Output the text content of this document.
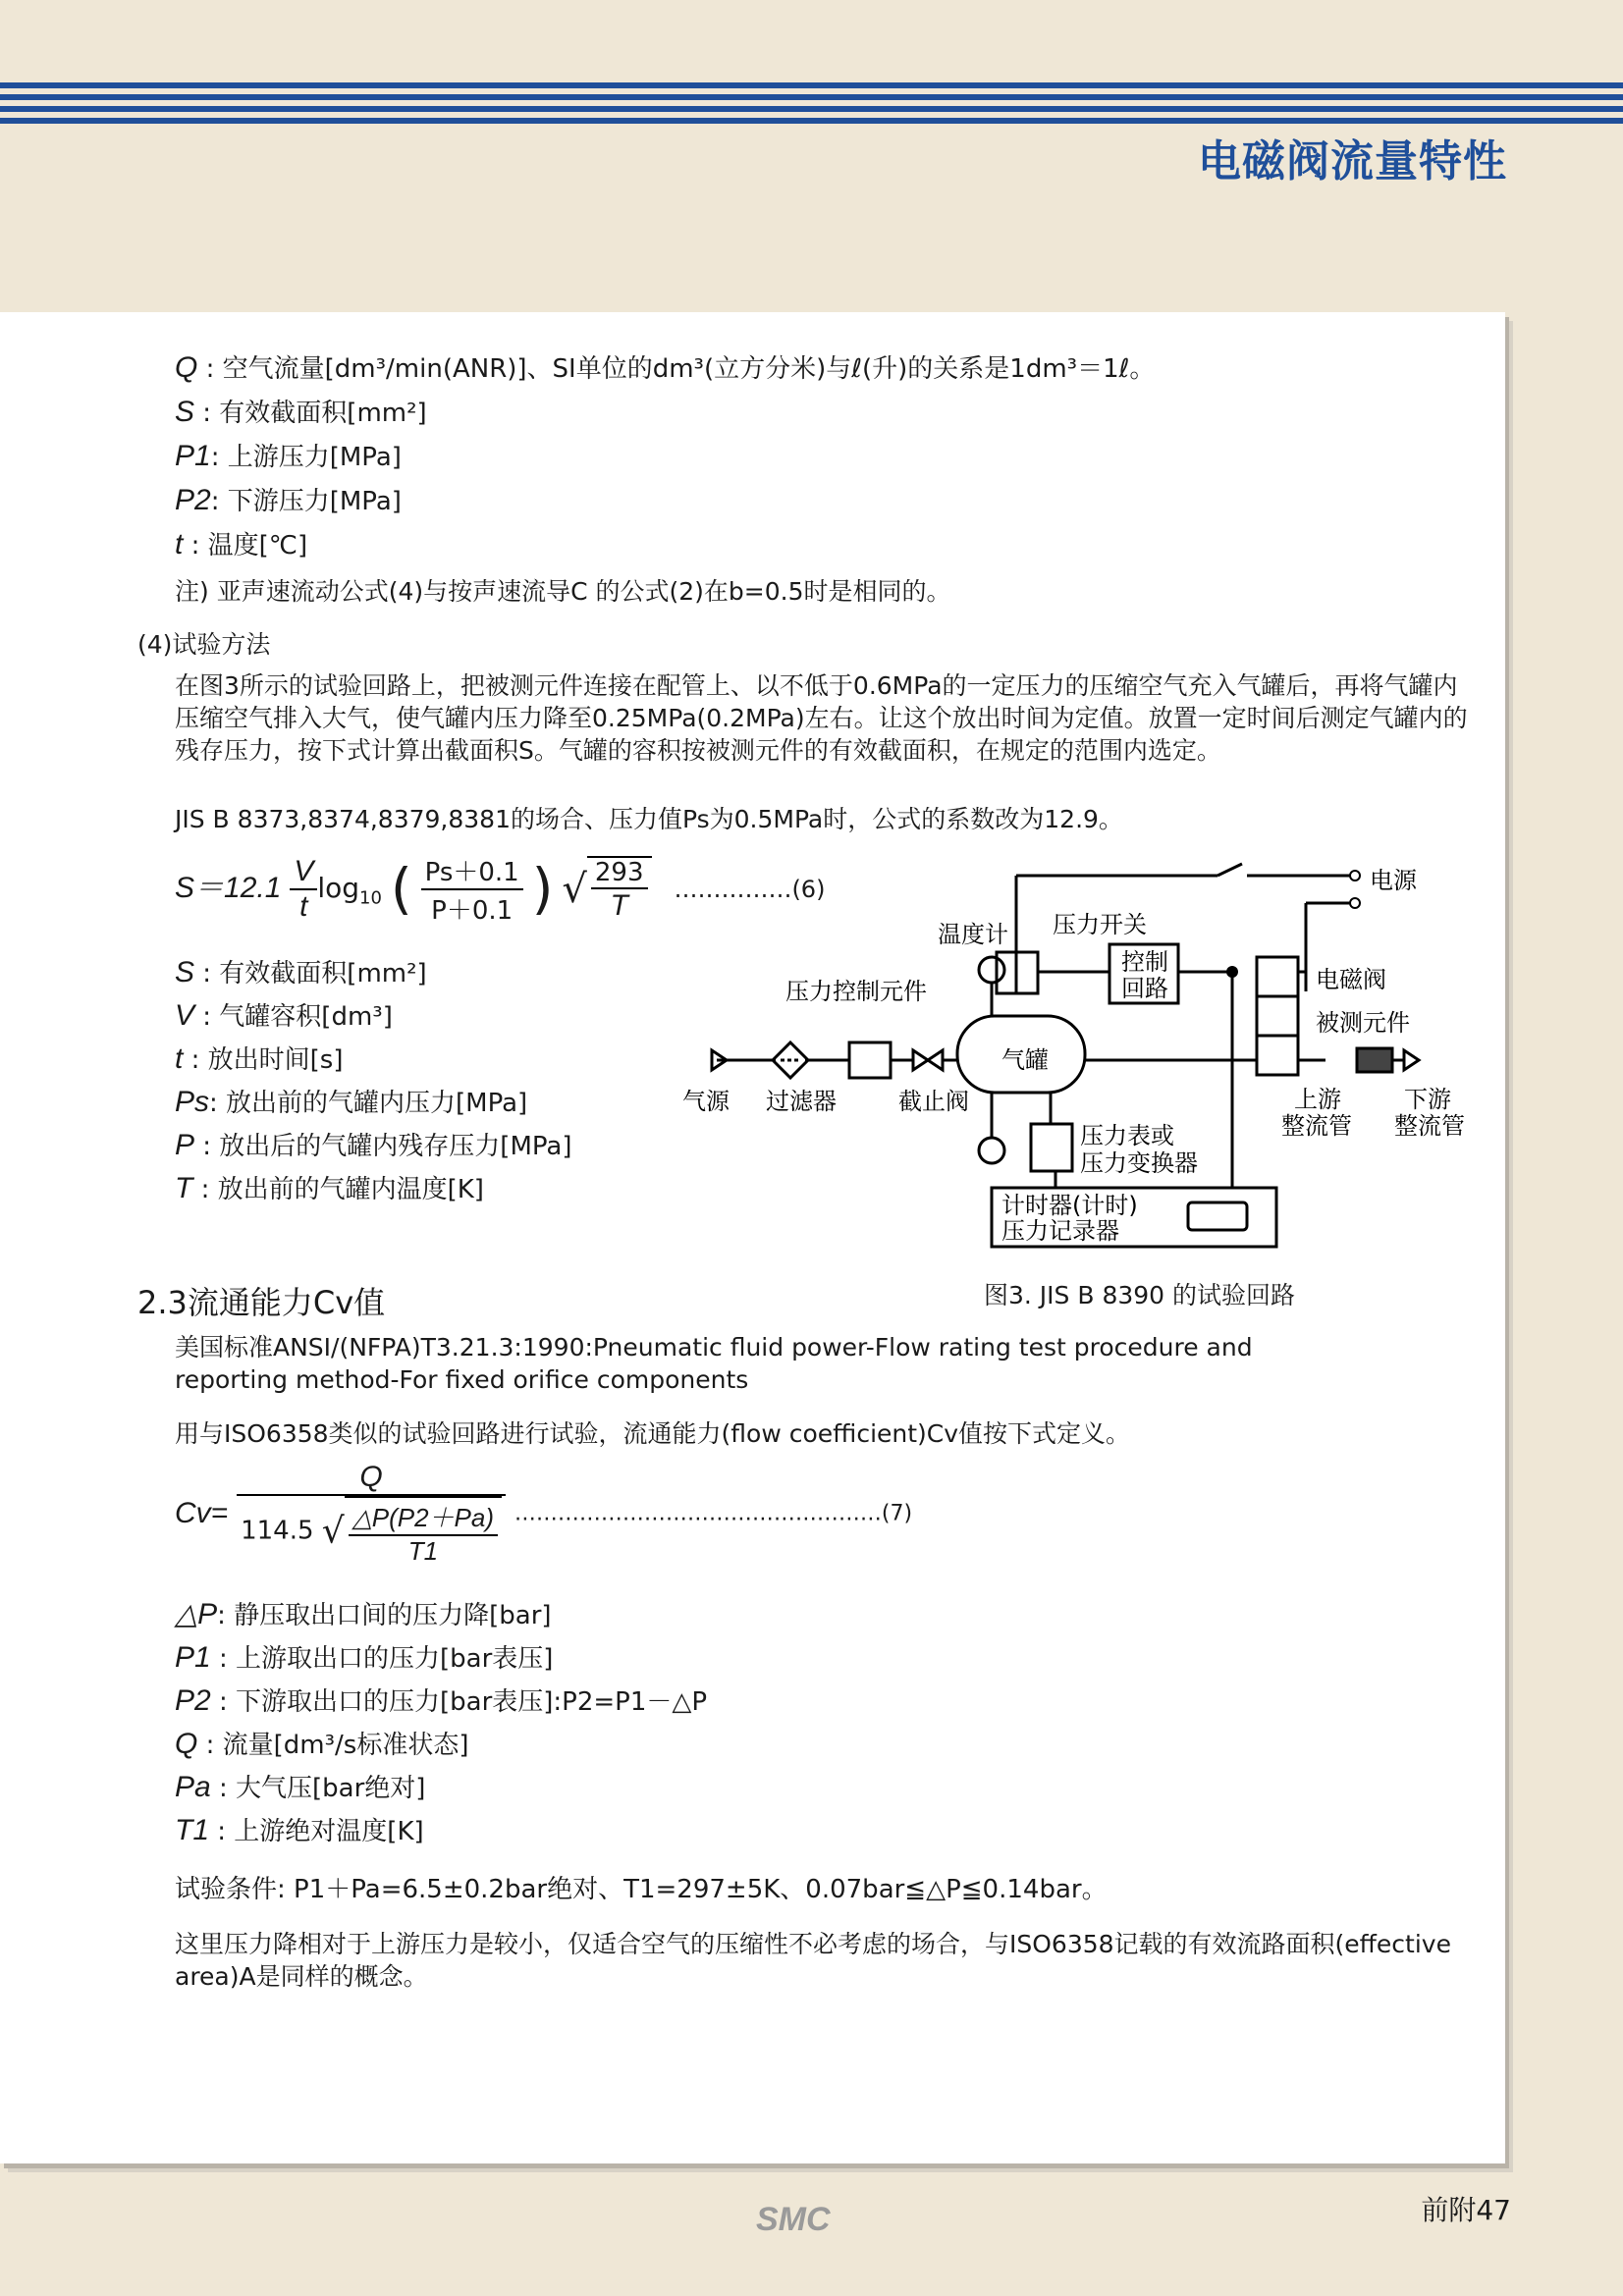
电磁阀流量特性
Q : 空气流量[dm³/min(ANR)]、SI单位的dm³(立方分米)与ℓ(升)的关系是1dm³＝1ℓ。
S : 有效截面积[mm²]
P1: 上游压力[MPa]
P2: 下游压力[MPa]
t : 温度[℃]
注) 亚声速流动公式(4)与按声速流导C 的公式(2)在b=0.5时是相同的。
(4)试验方法
在图3所示的试验回路上，把被测元件连接在配管上、以不低于0.6MPa的一定压力的压缩空气充入气罐后，再将气罐内压缩空气排入大气，使气罐内压力降至0.25MPa(0.2MPa)左右。让这个放出时间为定值。放置一定时间后测定气罐内的残存压力，按下式计算出截面积S。气罐的容积按被测元件的有效截面积，在规定的范围内选定。
JIS B 8373,8374,8379,8381的场合、压力值Ps为0.5MPa时，公式的系数改为12.9。
$S=12.1 \frac{V}{t} \log_{10}$ ( $\frac{Ps+0.1}{P+0.1}$ ) √ $\frac{293}{T}$ ……………(6)
S : 有效截面积[mm²]
V : 气罐容积[dm³]
t : 放出时间[s]
Ps: 放出前的气罐内压力[MPa]
P : 放出后的气罐内残存压力[MPa]
T : 放出前的气罐内温度[K]
电源
压力开关
温度计
控制
回路	电磁阀
被测元件
压力控制元件
气罐
气源 过滤器	截止阀	上游
整流管
下游
整流管
压力表或
压力变换器
计时器(计时)
压力记录器
图3. JIS B 8390 的试验回路
2.3流通能力Cv值
美国标准ANSI/(NFPA)T3.21.3:1990:Pneumatic fluid power-Flow rating test procedure and reporting method-For fixed orifice components
用与ISO6358类似的试验回路进行试验，流通能力(flow coefficient)Cv值按下式定义。
$Cv= \frac{Q}{114.5 √ \frac{\triangle P(P2+Pa)}{T1}}$ ……………………………………………(7)
△P: 静压取出口间的压力降[bar]
P1 : 上游取出口的压力[bar表压]
P2 : 下游取出口的压力[bar表压]:P2=P1－△P
Q : 流量[dm³/s标准状态]
Pa : 大气压[bar绝对]
T1 : 上游绝对温度[K]
试验条件: P1＋Pa=6.5±0.2bar绝对、T1=297±5K、0.07bar≦△P≦0.14bar。
这里压力降相对于上游压力是较小，仅适合空气的压缩性不必考虑的场合，与ISO6358记载的有效流路面积(effective area)A是同样的概念。
SMC	前附47
